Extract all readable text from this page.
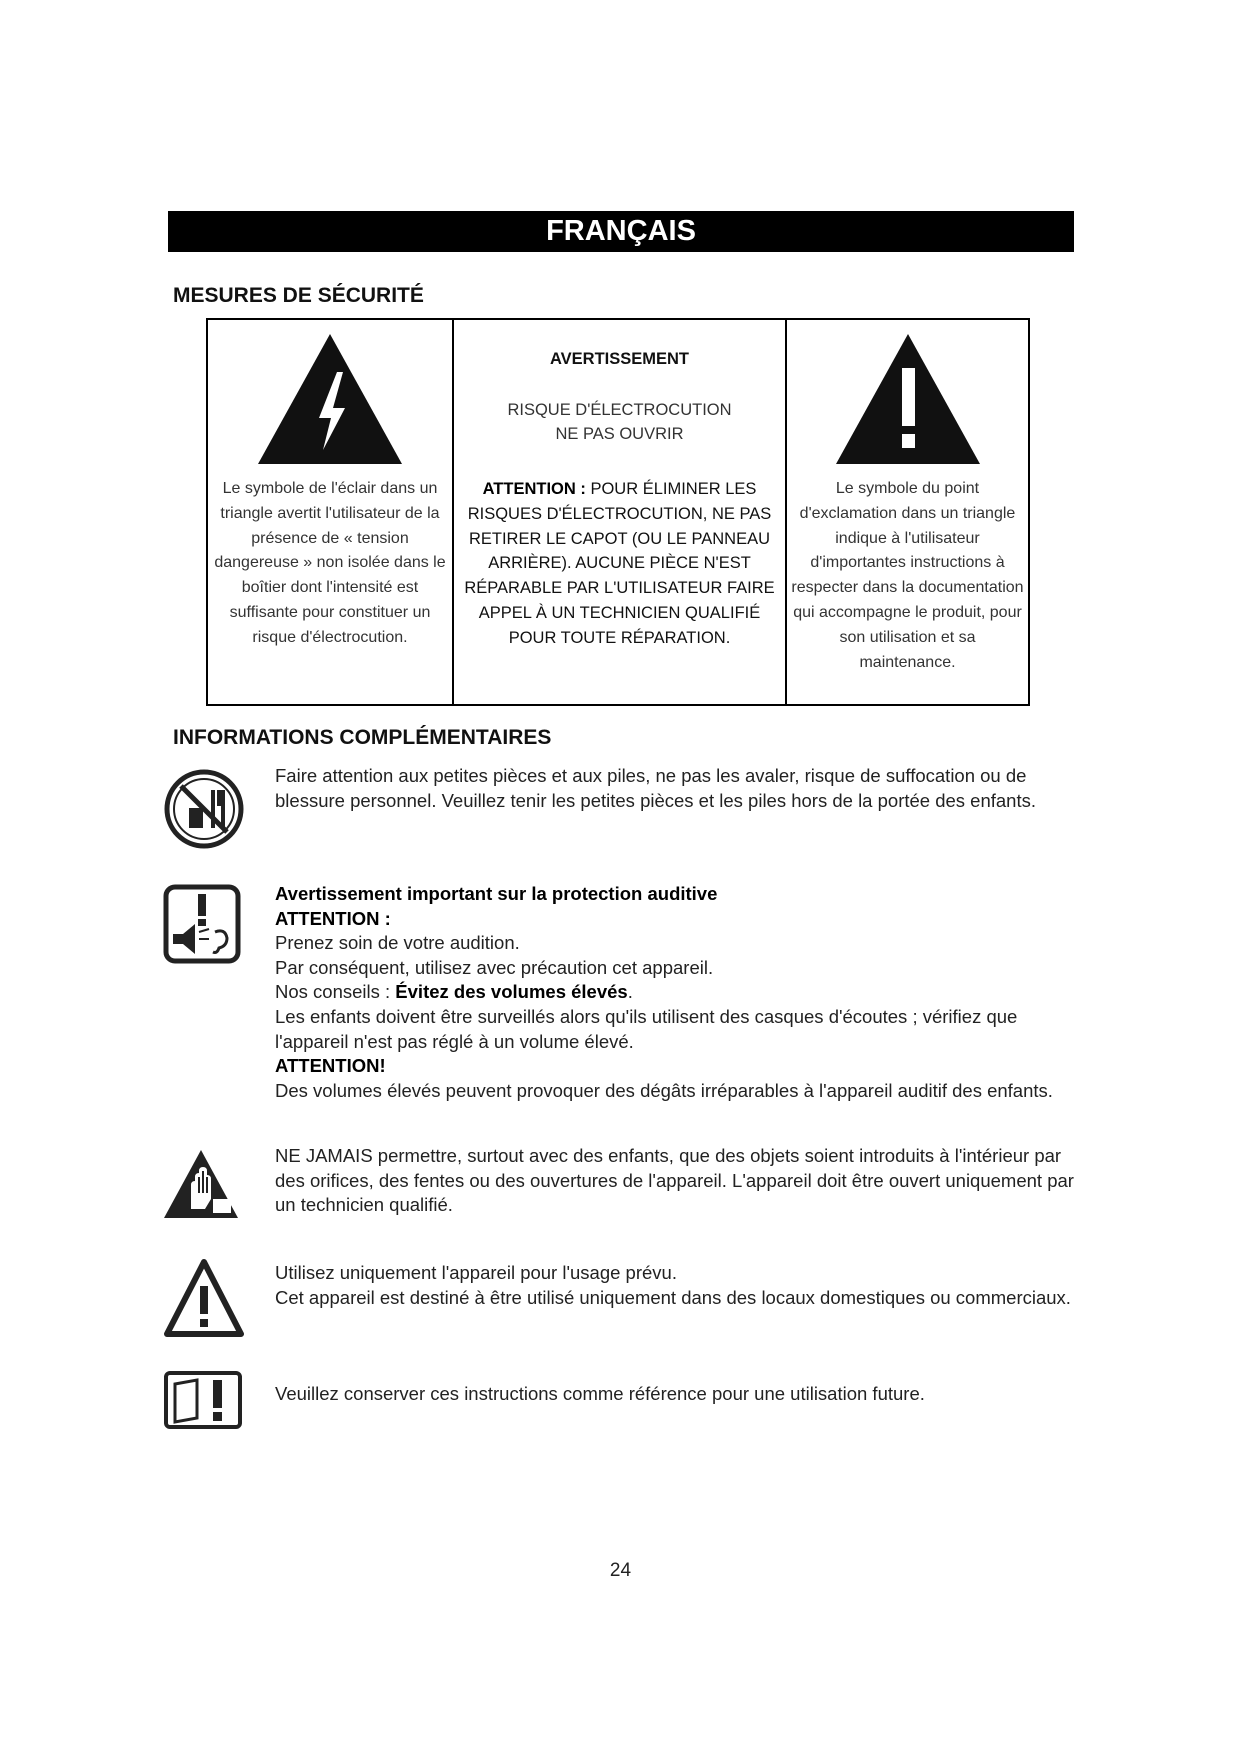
FRANÇAIS
MESURES DE SÉCURITÉ
Le symbole de l'éclair dans un triangle avertit l'utilisateur de la présence de « tension dangereuse » non isolée dans le boîtier dont l'intensité est suffisante pour constituer un risque d'électrocution.
AVERTISSEMENT
RISQUE D'ÉLECTROCUTION
NE PAS OUVRIR
ATTENTION : POUR ÉLIMINER LES RISQUES D'ÉLECTROCUTION, NE PAS RETIRER LE CAPOT (OU LE PANNEAU ARRIÈRE). AUCUNE PIÈCE N'EST RÉPARABLE PAR L'UTILISATEUR FAIRE APPEL À UN TECHNICIEN QUALIFIÉ POUR TOUTE RÉPARATION.
Le symbole du point d'exclamation dans un triangle indique à l'utilisateur d'importantes instructions à respecter dans la documentation qui accompagne le produit, pour son utilisation et sa maintenance.
INFORMATIONS COMPLÉMENTAIRES
Faire attention aux petites pièces et aux piles, ne pas les avaler, risque de suffocation ou de blessure personnel. Veuillez tenir les petites pièces et les piles hors de la portée des enfants.
Avertissement important sur la protection auditive
ATTENTION :
Prenez soin de votre audition.
Par conséquent, utilisez avec précaution cet appareil.
Nos conseils : Évitez des volumes élevés.
Les enfants doivent être surveillés alors qu'ils utilisent des casques d'écoutes ; vérifiez que l'appareil n'est pas réglé à un volume élevé.
ATTENTION!
Des volumes élevés peuvent provoquer des dégâts irréparables à l'appareil auditif des enfants.
NE JAMAIS permettre, surtout avec des enfants, que des objets soient introduits à l'intérieur par des orifices, des fentes ou des ouvertures de l'appareil. L'appareil doit être ouvert uniquement par un technicien qualifié.
Utilisez uniquement l'appareil pour l'usage prévu.
Cet appareil est destiné à être utilisé uniquement dans des locaux domestiques ou commerciaux.
Veuillez conserver ces instructions comme référence pour une utilisation future.
24
